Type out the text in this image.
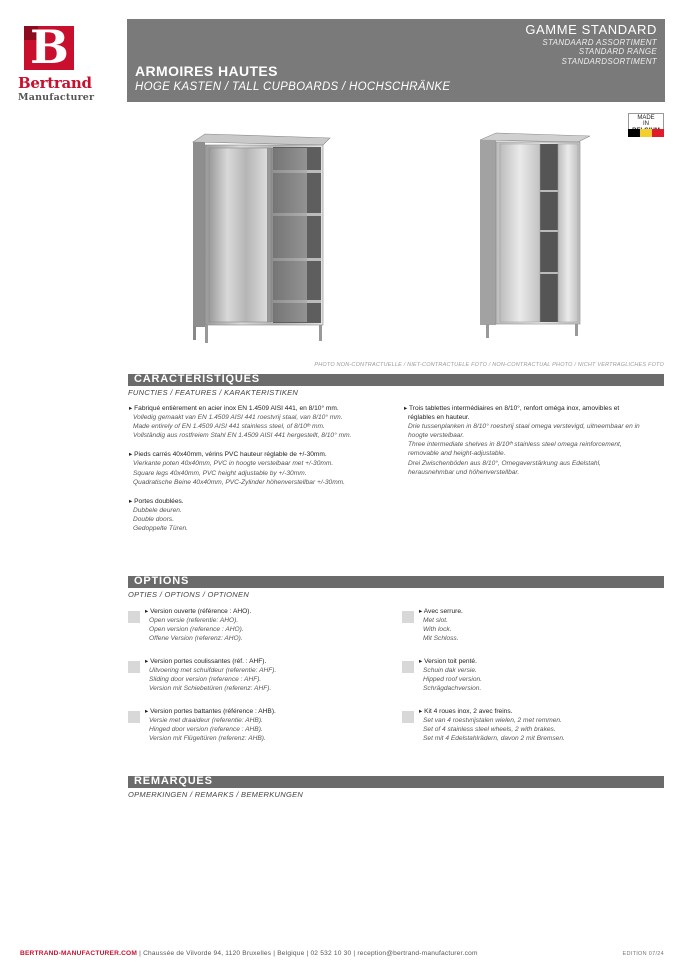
B
Bertrand
Manufacturer
GAMME STANDARD
STANDAARD ASSORTIMENT
STANDARD RANGE
STANDARDSORTIMENT
ARMOIRES HAUTES
HOGE KASTEN / TALL CUPBOARDS / HOCHSCHRÄNKE
MADE
IN
PHOTO NON-CONTRACTUELLE / NIET-CONTRACTUELE FOTO / NON-CONTRACTUAL PHOTO / NICHT VERTRAGLICHES FOTO
CARACTÉRISTIQUES
FUNCTIES / FEATURES / KARAKTERISTIKEN
▸ Fabriqué entièrement en acier inox EN 1.4509 AISI 441, en 8/10° mm.
Volledig gemaakt van EN 1.4509 AISI 441 roestvrij staal, van 8/10° mm.
Made entirely of EN 1.4509 AISI 441 stainless steel, of 8/10ᵗʰ mm.
Vollständig aus rostfreiem Stahl EN 1.4509 AISI 441 hergestellt, 8/10° mm.
▸ Pieds carrés 40x40mm, vérins PVC hauteur réglable de +/-30mm.
Vierkante poten 40x40mm, PVC in hoogte verstelbaar met +/-30mm.
Square legs 40x40mm, PVC height adjustable by +/-30mm.
Quadratische Beine 40x40mm, PVC-Zylinder höhenverstellbar +/-30mm.
▸ Portes doublées.
Dubbele deuren.
Double doors.
Gedoppelte Türen.
▸ Trois tablettes intermédiaires en 8/10°, renfort oméga inox, amovibles et
réglables en hauteur.
Drie tussenplanken in 8/10° roestvrij staal omega verstevigd, uitneembaar en in
hoogte verstelbaar.
Three intermediate shelves in 8/10ᵗʰ stainless steel omega reinforcement,
removable and height-adjustable.
Drei Zwischenböden aus 8/10°, Omegaverstärkung aus Edelstahl,
herausnehmbar und höhenverstellbar.
OPTIONS
OPTIES / OPTIONS / OPTIONEN
▸ Version ouverte (référence : AHO).
Open versie (referentie: AHO).
Open version (reference : AHO).
Offene Version (referenz: AHO).
▸ Version portes coulissantes (réf. : AHF).
Uitvoering met schuifdeur (referentie: AHF).
Sliding door version (reference : AHF).
Version mit Schiebetüren (referenz: AHF).
▸ Version portes battantes (référence : AHB).
Versie met draaideur (referentie: AHB).
Hinged door version (reference : AHB).
Version mit Flügeltüren (referenz: AHB).
▸ Avec serrure.
Met slot.
With lock.
Mit Schloss.
▸ Version toit penté.
Schuin dak versie.
Hipped roof version.
Schrägdachversion.
▸ Kit 4 roues inox, 2 avec freins.
Set van 4 roestvrijstalen wielen, 2 met remmen.
Set of 4 stainless steel wheels, 2 with brakes.
Set mit 4 Edelstahlrädern, davon 2 mit Bremsen.
REMARQUES
OPMERKINGEN / REMARKS / BEMERKUNGEN
BERTRAND-MANUFACTURER.COM | Chaussée de Vilvorde 94, 1120 Bruxelles | Belgique | 02 532 10 30 | reception@bertrand-manufacturer.com	EDITION 07/24
